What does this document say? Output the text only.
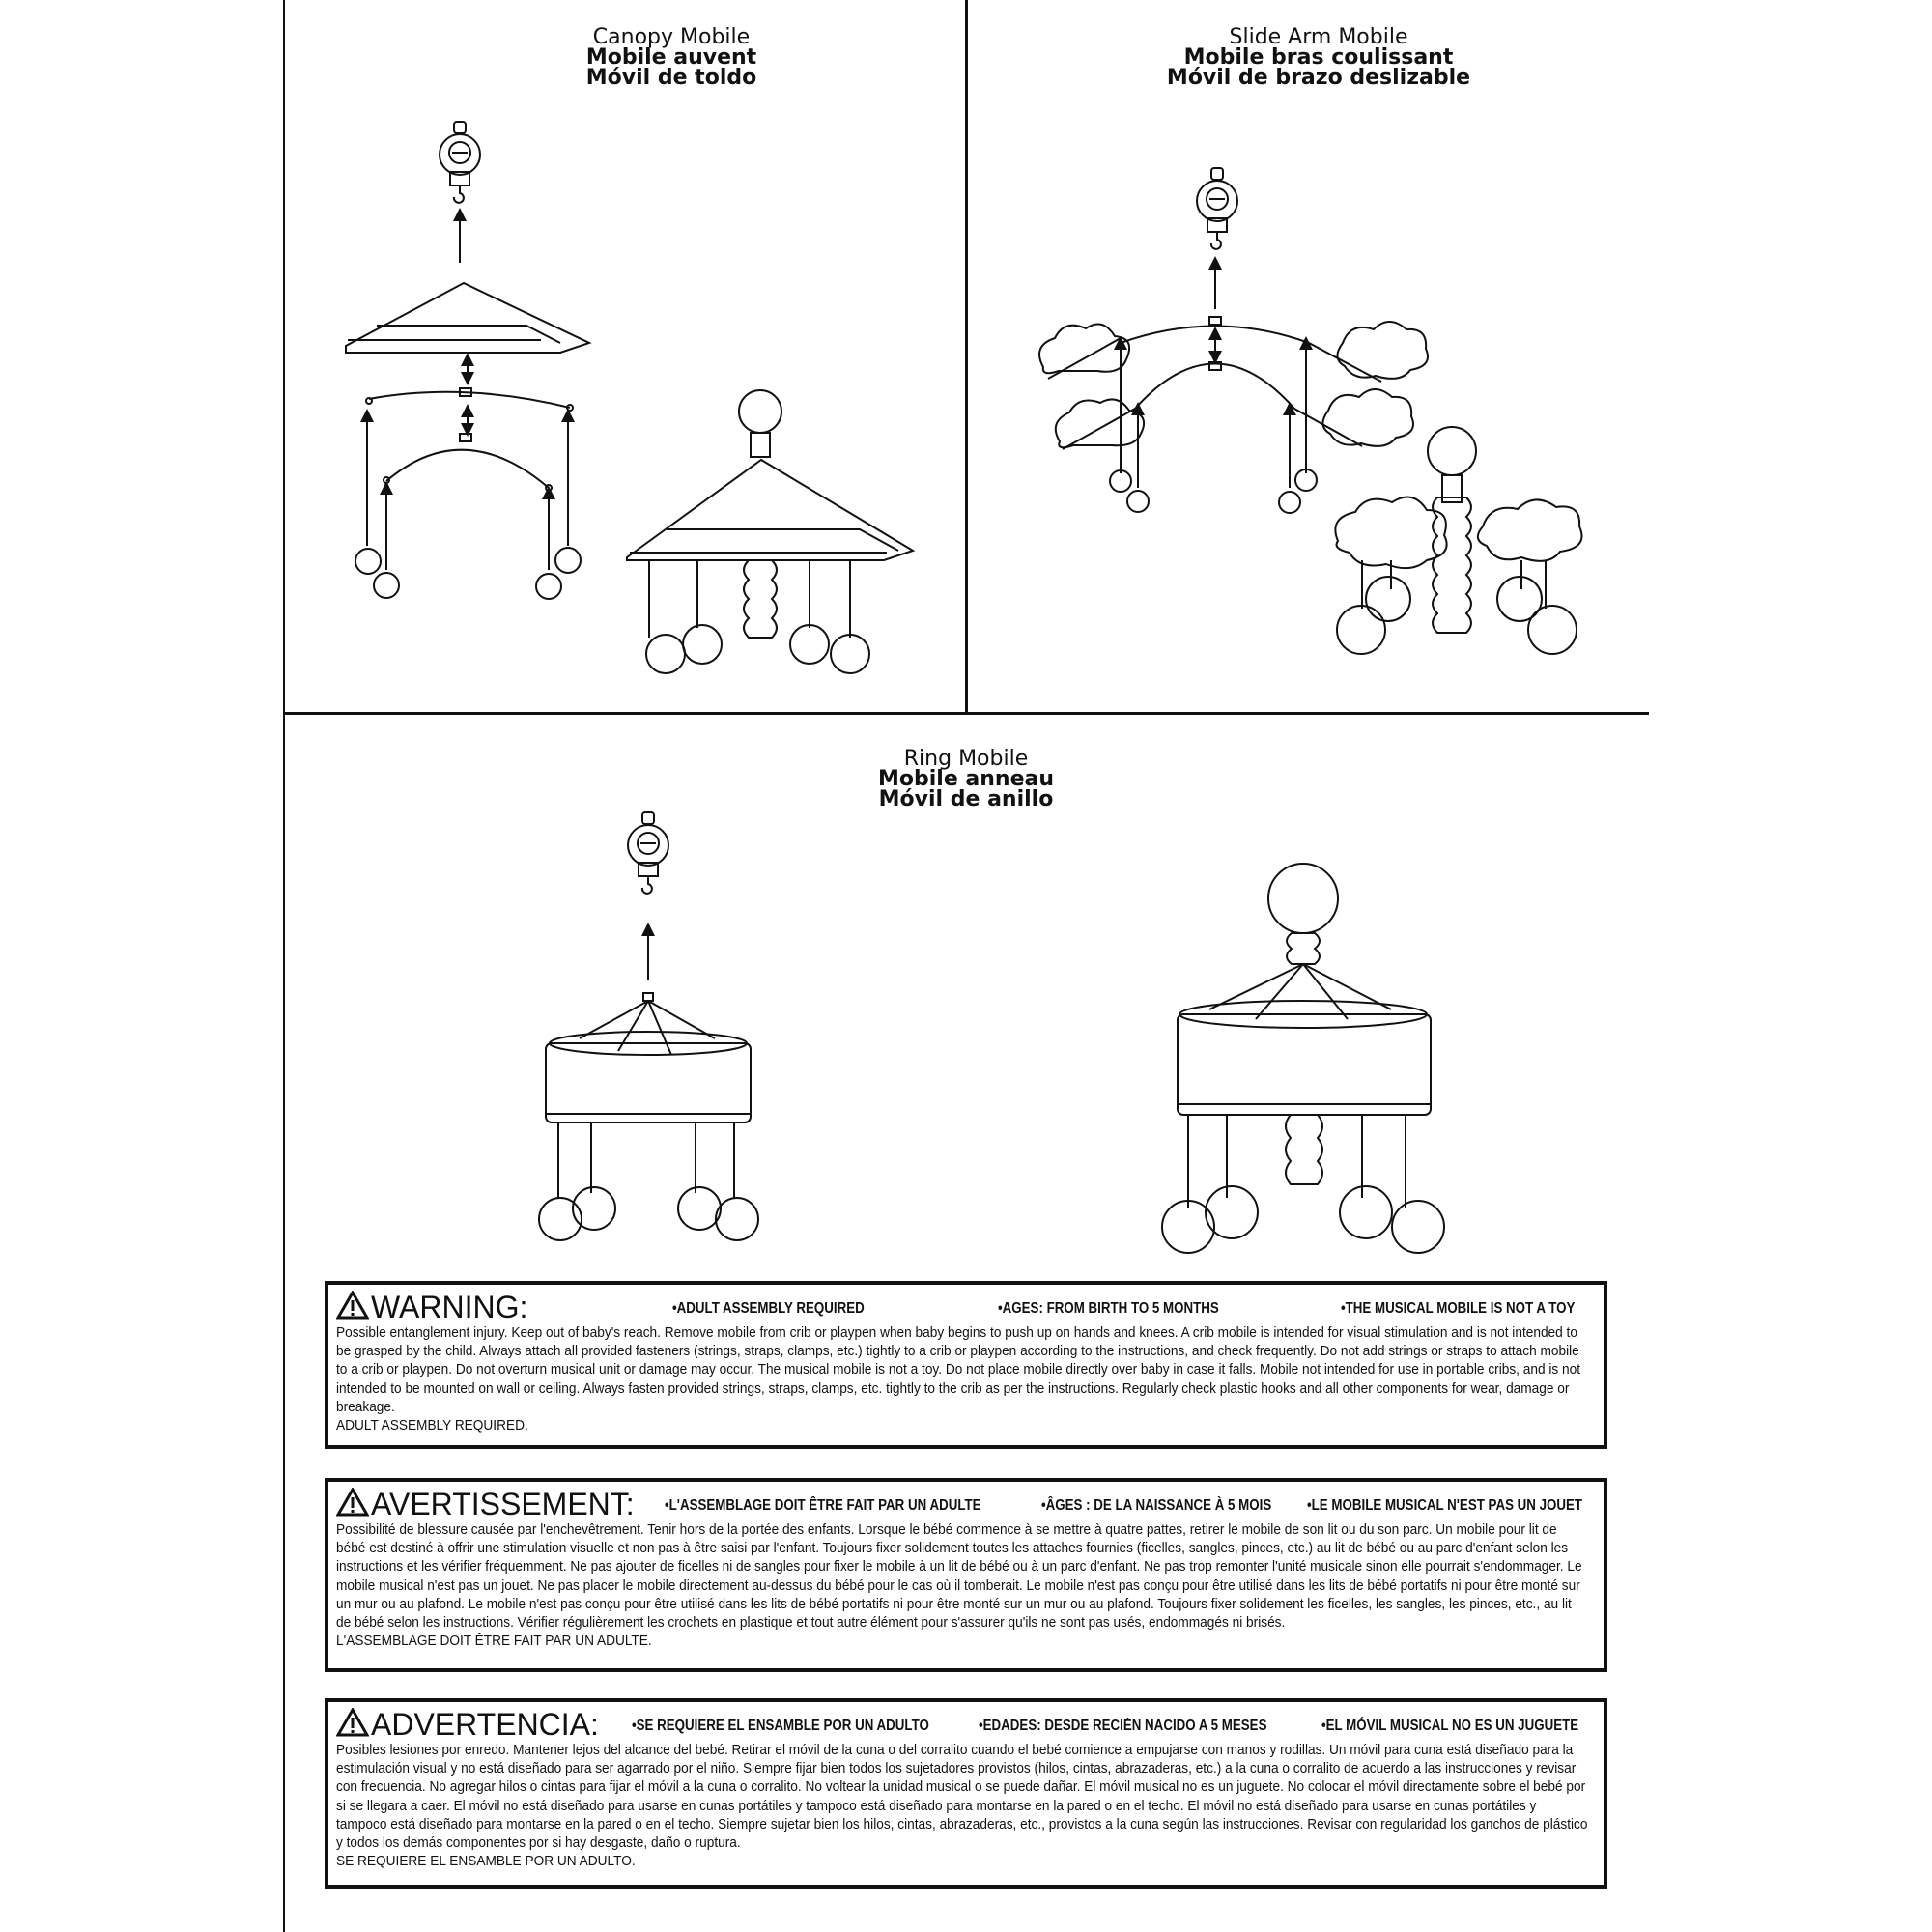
Canopy Mobile
Mobile auvent
Móvil de toldo
Slide Arm Mobile
Mobile bras coulissant
Móvil de brazo deslizable
Ring Mobile
Mobile anneau
Móvil de anillo
WARNING:	•ADULT ASSEMBLY REQUIRED	•AGES: FROM BIRTH TO 5 MONTHS	•THE MUSICAL MOBILE IS NOT A TOY

Possible entanglement injury. Keep out of baby's reach. Remove mobile from crib or playpen when baby begins to push up on hands and knees. A crib mobile is intended for visual stimulation and is not intended to be grasped by the child. Always attach all provided fasteners (strings, straps, clamps, etc.) tightly to a crib or playpen according to the instructions, and check frequently. Do not add strings or straps to attach mobile to a crib or playpen. Do not overturn musical unit or damage may occur. The musical mobile is not a toy. Do not place mobile directly over baby in case it falls. Mobile not intended for use in portable cribs, and is not intended to be mounted on wall or ceiling. Always fasten provided strings, straps, clamps, etc. tightly to the crib as per the instructions. Regularly check plastic hooks and all other components for wear, damage or breakage.

ADULT ASSEMBLY REQUIRED.

AVERTISSEMENT: •L'ASSEMBLAGE DOIT ÊTRE FAIT PAR UN ADULTE	•ÂGES : DE LA NAISSANCE À 5 MOIS •LE MOBILE MUSICAL N'EST PAS UN JOUET

Possibilité de blessure causée par l'enchevêtrement. Tenir hors de la portée des enfants. Lorsque le bébé commence à se mettre à quatre pattes, retirer le mobile de son lit ou du son parc. Un mobile pour lit de bébé est destiné à offrir une stimulation visuelle et non pas à être saisi par l'enfant. Toujours fixer solidement toutes les attaches fournies (ficelles, sangles, pinces, etc.) au lit de bébé ou au parc d'enfant selon les instructions et les vérifier fréquemment. Ne pas ajouter de ficelles ni de sangles pour fixer le mobile à un lit de bébé ou à un parc d'enfant. Ne pas trop remonter l'unité musicale sinon elle pourrait s'endommager. Le mobile musical n'est pas un jouet. Ne pas placer le mobile directement au-dessus du bébé pour le cas où il tomberait. Le mobile n'est pas conçu pour être utilisé dans les lits de bébé portatifs ni pour être monté sur un mur ou au plafond. Le mobile n'est pas conçu pour être utilisé dans les lits de bébé portatifs ni pour être monté sur un mur ou au plafond. Toujours fixer solidement les ficelles, les sangles, les pinces, etc., au lit de bébé selon les instructions. Vérifier régulièrement les crochets en plastique et tout autre élément pour s'assurer qu'ils ne sont pas usés, endommagés ni brisés.

L'ASSEMBLAGE DOIT ÊTRE FAIT PAR UN ADULTE.

ADVERTENCIA: •SE REQUIERE EL ENSAMBLE POR UN ADULTO	•EDADES: DESDE RECIÉN NACIDO A 5 MESES	•EL MÓVIL MUSICAL NO ES UN JUGUETE

Posibles lesiones por enredo. Mantener lejos del alcance del bebé. Retirar el móvil de la cuna o del corralito cuando el bebé comience a empujarse con manos y rodillas. Un móvil para cuna está diseñado para la estimulación visual y no está diseñado para ser agarrado por el niño. Siempre fijar bien todos los sujetadores provistos (hilos, cintas, abrazaderas, etc.) a la cuna o corralito de acuerdo a las instrucciones y revisar con frecuencia. No agregar hilos o cintas para fijar el móvil a la cuna o corralito. No voltear la unidad musical o se puede dañar. El móvil musical no es un juguete. No colocar el móvil directamente sobre el bebé por si se llegara a caer. El móvil no está diseñado para usarse en cunas portátiles y tampoco está diseñado para montarse en la pared o en el techo. El móvil no está diseñado para usarse en cunas portátiles y tampoco está diseñado para montarse en la pared o en el techo. Siempre sujetar bien los hilos, cintas, abrazaderas, etc., provistos a la cuna según las instrucciones. Revisar con regularidad los ganchos de plástico y todos los demás componentes por si hay desgaste, daño o ruptura.

SE REQUIERE EL ENSAMBLE POR UN ADULTO.
